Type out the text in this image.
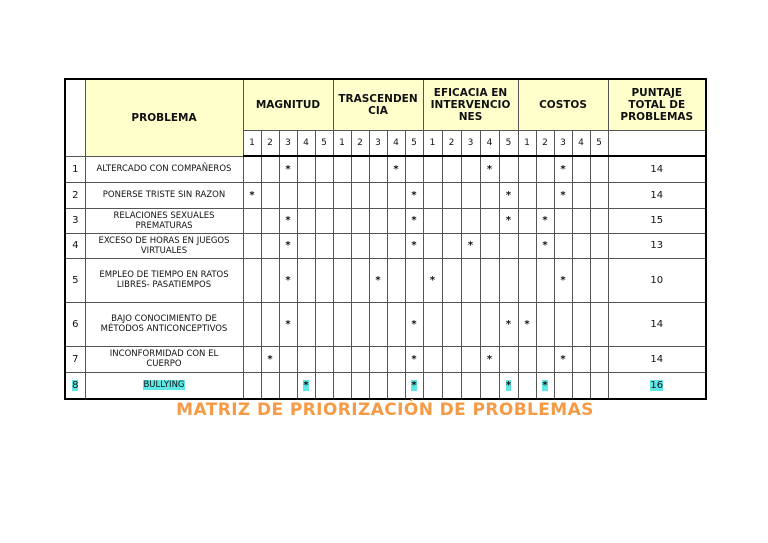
	PROBLEMA	MAGNITUD					TRASCENDEN
CIA					EFICACIA EN
INTERVENCIO
NES					COSTOS					PUNTAJE
TOTAL DE
PROBLEMAS
		1	2	3	4	5	1	2	3	4	5	1	2	3	4	5	1	2	3	4	5	
1	ALTERCADO CON COMPAÑEROS			*						*					*				*			14
2	PONERSE TRISTE SIN RAZON	*									*					*			*			14
3	RELACIONES SEXUALES
PREMATURAS			*							*					*		*				15
4	EXCESO DE HORAS EN JUEGOS
VIRTUALES			*							*			*				*				13
5	EMPLEO DE TIEMPO EN RATOS
LIBRES- PASATIEMPOS			*					*			*							*			10
6	BAJO CONOCIMIENTO DE
MÉTODOS ANTICONCEPTIVOS			*							*					*	*					14
7	INCONFORMIDAD CON EL
CUERPO		*								*				*				*			14
8	BULLYING				*						*					*		*				16
MATRIZ DE PRIORIZACIÓN DE PROBLEMAS
